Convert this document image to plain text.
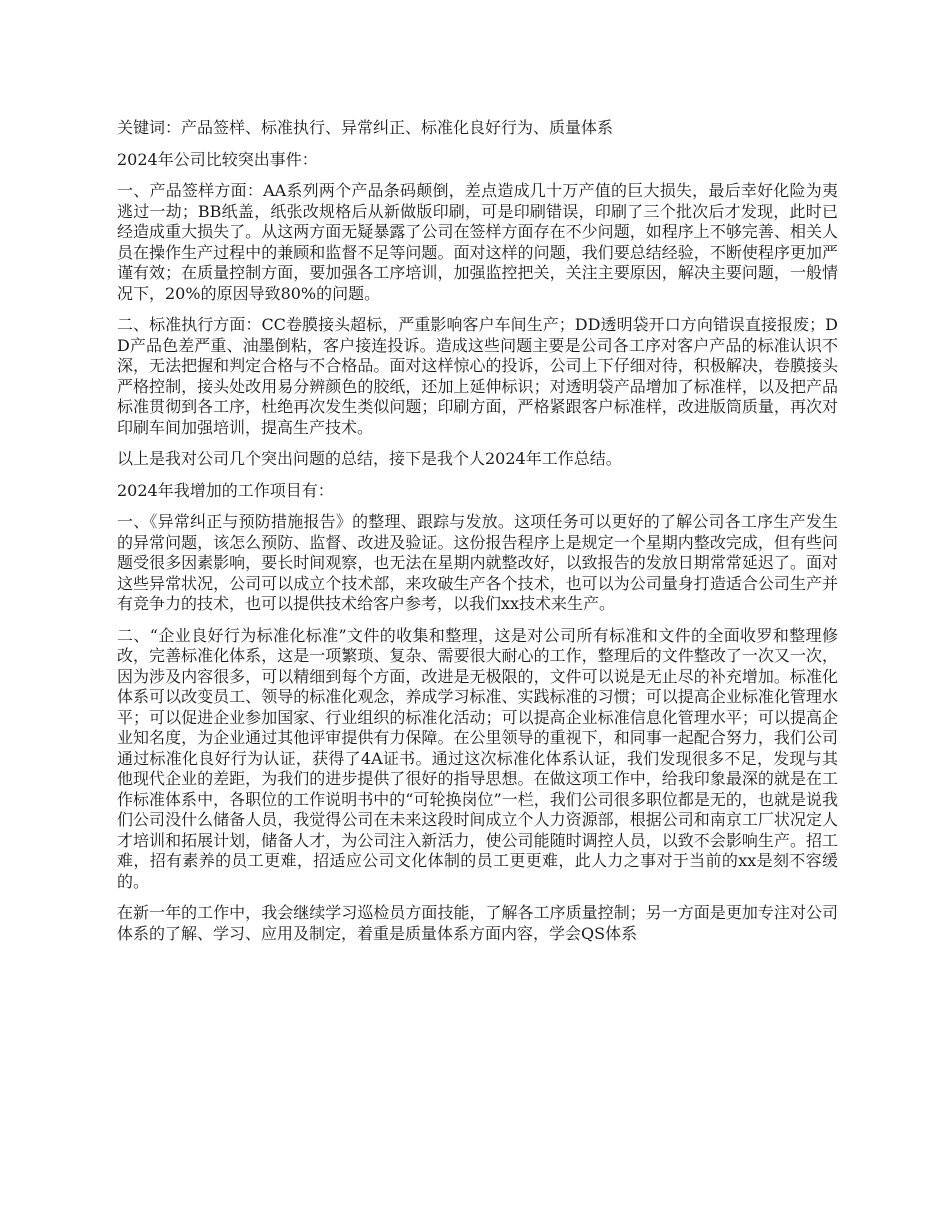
关键词：产品签样、标准执行、异常纠正、标准化良好行为、质量体系

2024年公司比较突出事件：

一、产品签样方面：AA系列两个产品条码颠倒，差点造成几十万产值的巨大损失，最后幸好化险为夷逃过一劫；BB纸盖，纸张改规格后从新做版印刷，可是印刷错误，印刷了三个批次后才发现，此时已经造成重大损失了。从这两方面无疑暴露了公司在签样方面存在不少问题，如程序上不够完善、相关人员在操作生产过程中的兼顾和监督不足等问题。面对这样的问题，我们要总结经验，不断使程序更加严谨有效；在质量控制方面，要加强各工序培训，加强监控把关，关注主要原因，解决主要问题，一般情况下，20%的原因导致80%的问题。

二、标准执行方面：CC卷膜接头超标，严重影响客户车间生产；DD透明袋开口方向错误直接报废；DD产品色差严重、油墨倒粘，客户接连投诉。造成这些问题主要是公司各工序对客户产品的标准认识不深，无法把握和判定合格与不合格品。面对这样惊心的投诉，公司上下仔细对待，积极解决，卷膜接头严格控制，接头处改用易分辨颜色的胶纸，还加上延伸标识；对透明袋产品增加了标准样，以及把产品标准贯彻到各工序，杜绝再次发生类似问题；印刷方面，严格紧跟客户标准样，改进版筒质量，再次对印刷车间加强培训，提高生产技术。

以上是我对公司几个突出问题的总结，接下是我个人2024年工作总结。

2024年我增加的工作项目有：

一、《异常纠正与预防措施报告》的整理、跟踪与发放。这项任务可以更好的了解公司各工序生产发生的异常问题，该怎么预防、监督、改进及验证。这份报告程序上是规定一个星期内整改完成，但有些问题受很多因素影响，要长时间观察，也无法在星期内就整改好，以致报告的发放日期常常延迟了。面对这些异常状况，公司可以成立个技术部，来攻破生产各个技术，也可以为公司量身打造适合公司生产并有竞争力的技术，也可以提供技术给客户参考，以我们xx技术来生产。

二、“企业良好行为标准化标准”文件的收集和整理，这是对公司所有标准和文件的全面收罗和整理修改，完善标准化体系，这是一项繁琐、复杂、需要很大耐心的工作，整理后的文件整改了一次又一次，因为涉及内容很多，可以精细到每个方面，改进是无极限的，文件可以说是无止尽的补充增加。标准化体系可以改变员工、领导的标准化观念，养成学习标准、实践标准的习惯；可以提高企业标准化管理水平；可以促进企业参加国家、行业组织的标准化活动；可以提高企业标准信息化管理水平；可以提高企业知名度，为企业通过其他评审提供有力保障。在公里领导的重视下，和同事一起配合努力，我们公司通过标准化良好行为认证，获得了4A证书。通过这次标准化体系认证，我们发现很多不足，发现与其他现代企业的差距，为我们的进步提供了很好的指导思想。在做这项工作中，给我印象最深的就是在工作标准体系中，各职位的工作说明书中的“可轮换岗位”一栏，我们公司很多职位都是无的，也就是说我们公司没什么储备人员，我觉得公司在未来这段时间成立个人力资源部，根据公司和南京工厂状况定人才培训和拓展计划，储备人才，为公司注入新活力，使公司能随时调控人员，以致不会影响生产。招工难，招有素养的员工更难，招适应公司文化体制的员工更更难，此人力之事对于当前的xx是刻不容缓的。

在新一年的工作中，我会继续学习巡检员方面技能，了解各工序质量控制；另一方面是更加专注对公司体系的了解、学习、应用及制定，着重是质量体系方面内容，学会QS体系
